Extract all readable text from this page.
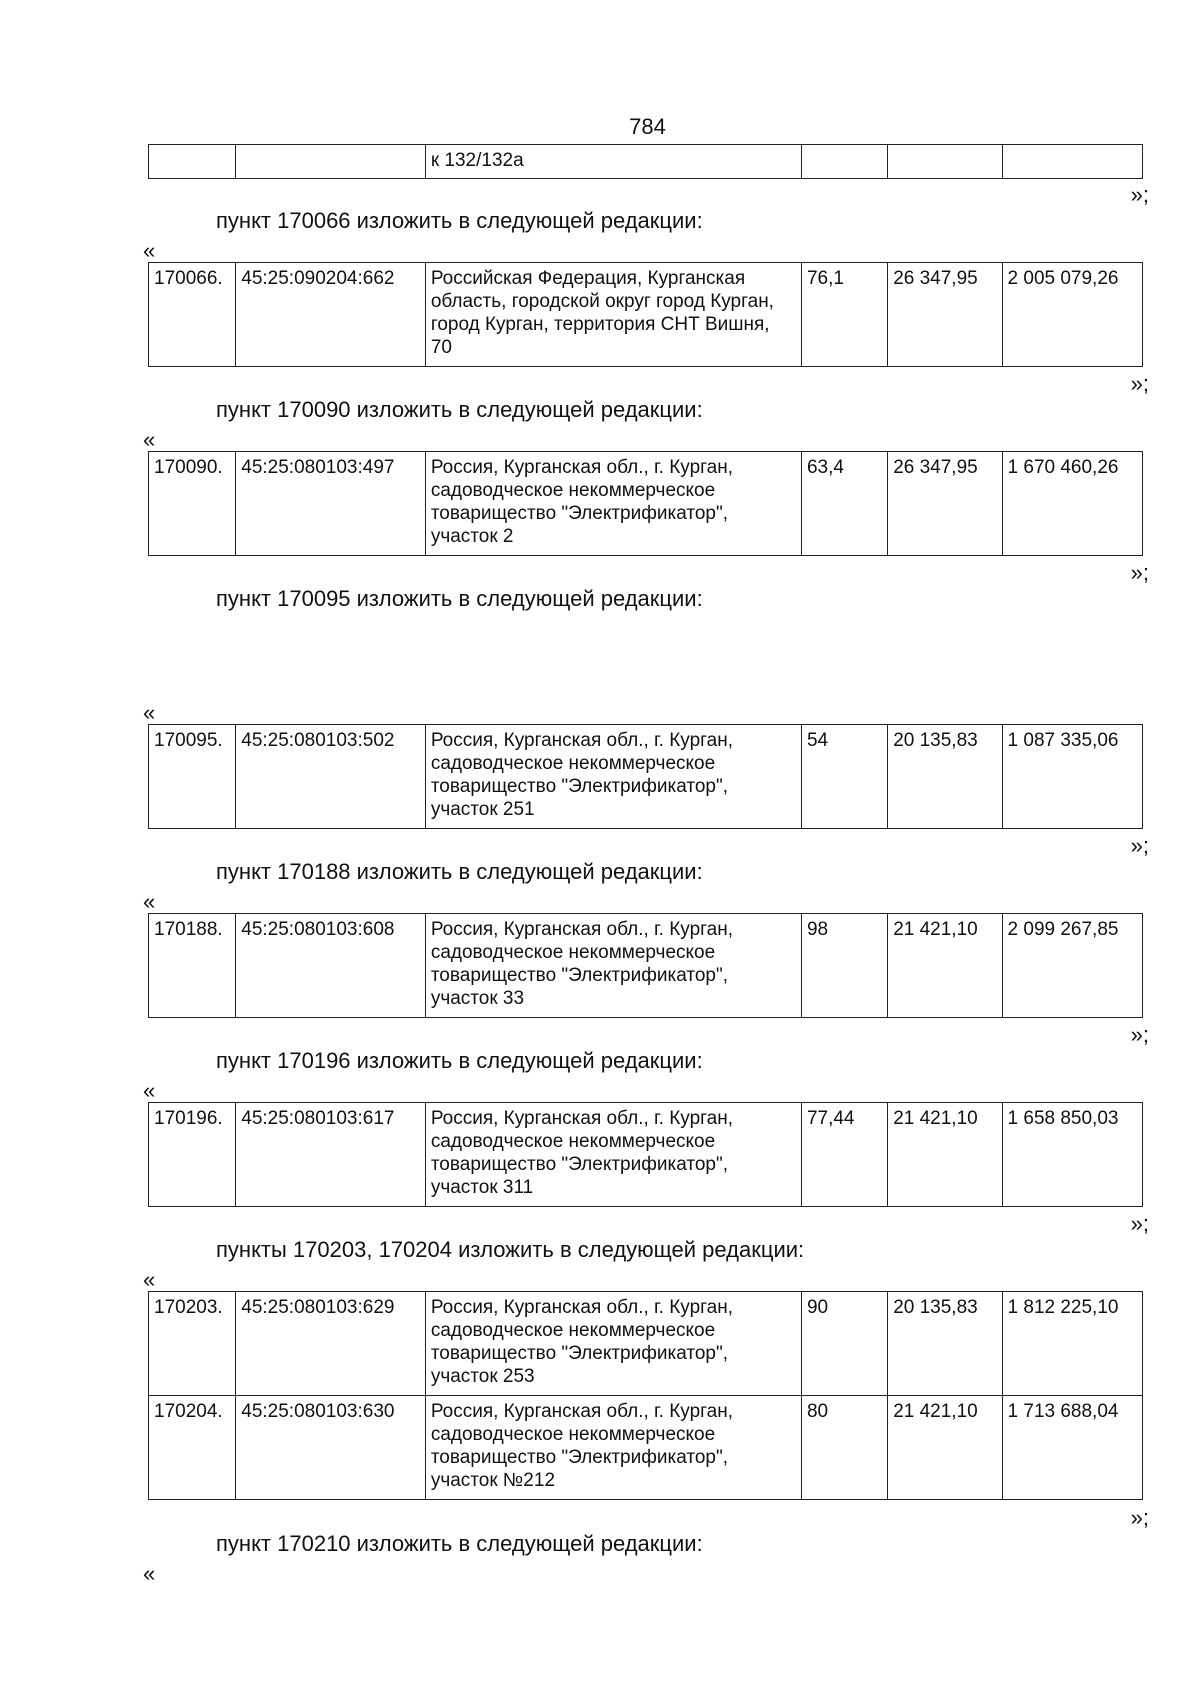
784
		к 132/132а			
»;
пункт 170066 изложить в следующей редакции:
«
170066.	45:25:090204:662	Российская Федерация, Курганская область, городской округ город Курган, город Курган, территория СНТ Вишня, 70	76,1	26 347,95	2 005 079,26
»;
пункт 170090 изложить в следующей редакции:
«
170090.	45:25:080103:497	Россия, Курганская обл., г. Курган, садоводческое некоммерческое товарищество "Электрификатор", участок 2	63,4	26 347,95	1 670 460,26
»;
пункт 170095 изложить в следующей редакции:
«
170095.	45:25:080103:502	Россия, Курганская обл., г. Курган, садоводческое некоммерческое товарищество "Электрификатор", участок 251	54	20 135,83	1 087 335,06
»;
пункт 170188 изложить в следующей редакции:
«
170188.	45:25:080103:608	Россия, Курганская обл., г. Курган, садоводческое некоммерческое товарищество "Электрификатор", участок 33	98	21 421,10	2 099 267,85
»;
пункт 170196 изложить в следующей редакции:
«
170196.	45:25:080103:617	Россия, Курганская обл., г. Курган, садоводческое некоммерческое товарищество "Электрификатор", участок 311	77,44	21 421,10	1 658 850,03
»;
пункты 170203, 170204 изложить в следующей редакции:
«
170203.	45:25:080103:629	Россия, Курганская обл., г. Курган, садоводческое некоммерческое товарищество "Электрификатор", участок 253	90	20 135,83	1 812 225,10
170204.	45:25:080103:630	Россия, Курганская обл., г. Курган, садоводческое некоммерческое товарищество "Электрификатор", участок №212	80	21 421,10	1 713 688,04
»;
пункт 170210 изложить в следующей редакции:
«
